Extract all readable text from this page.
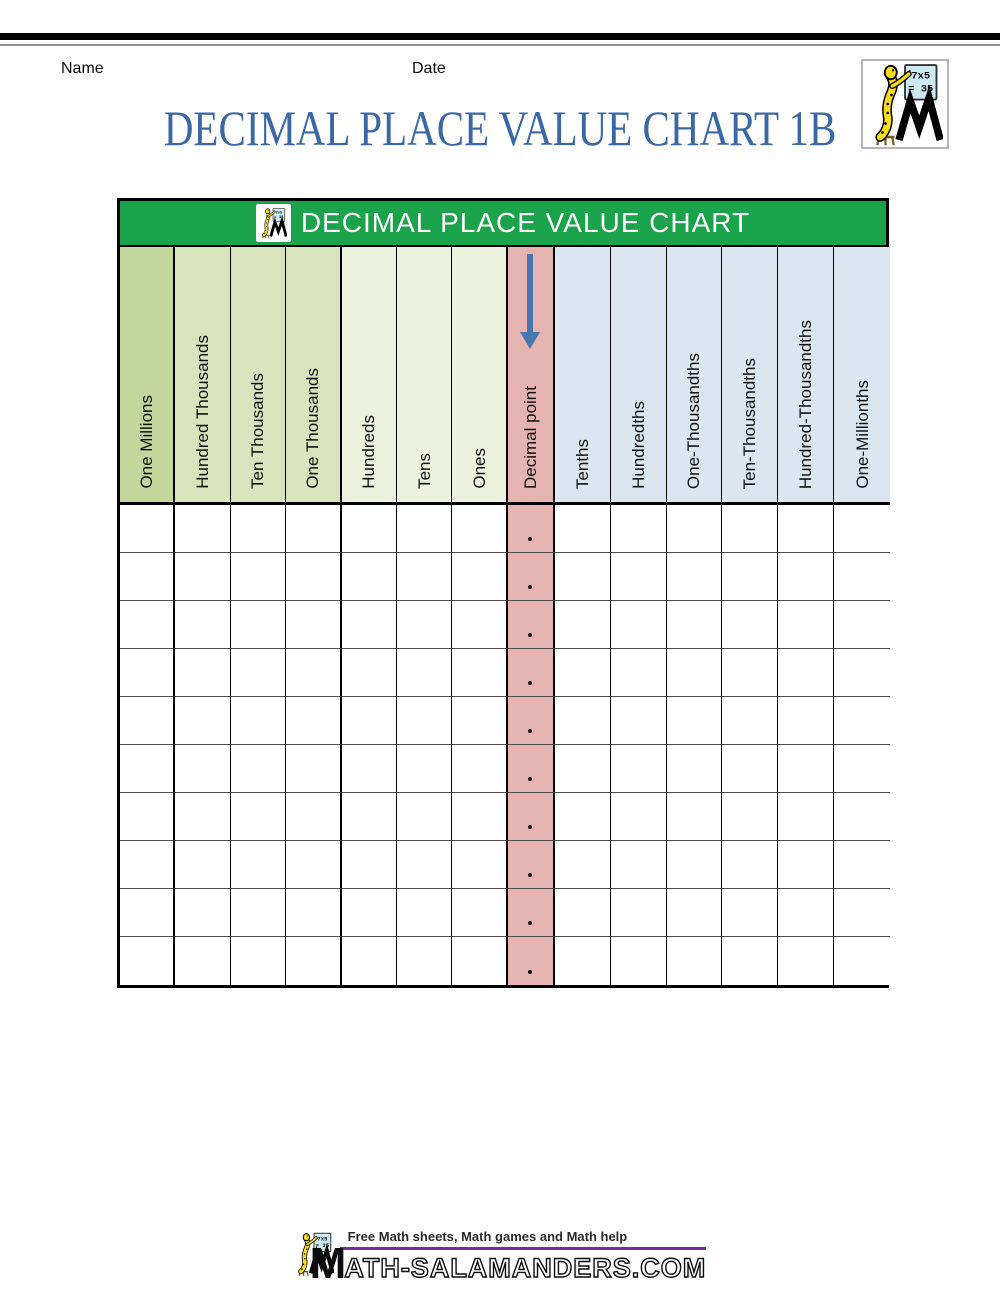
Name	Date
DECIMAL PLACE VALUE CHART 1B
DECIMAL PLACE VALUE CHART
One Millions Hundred Thousands Ten Thousands One Thousands Hundreds Tens Ones Decimal point Tenths Hundredths One-Thousandths Ten-Thousandths Hundred-Thousandths One-Millionths
Free Math sheets, Math games and Math help
M ATH-SALAMANDERS.COM
